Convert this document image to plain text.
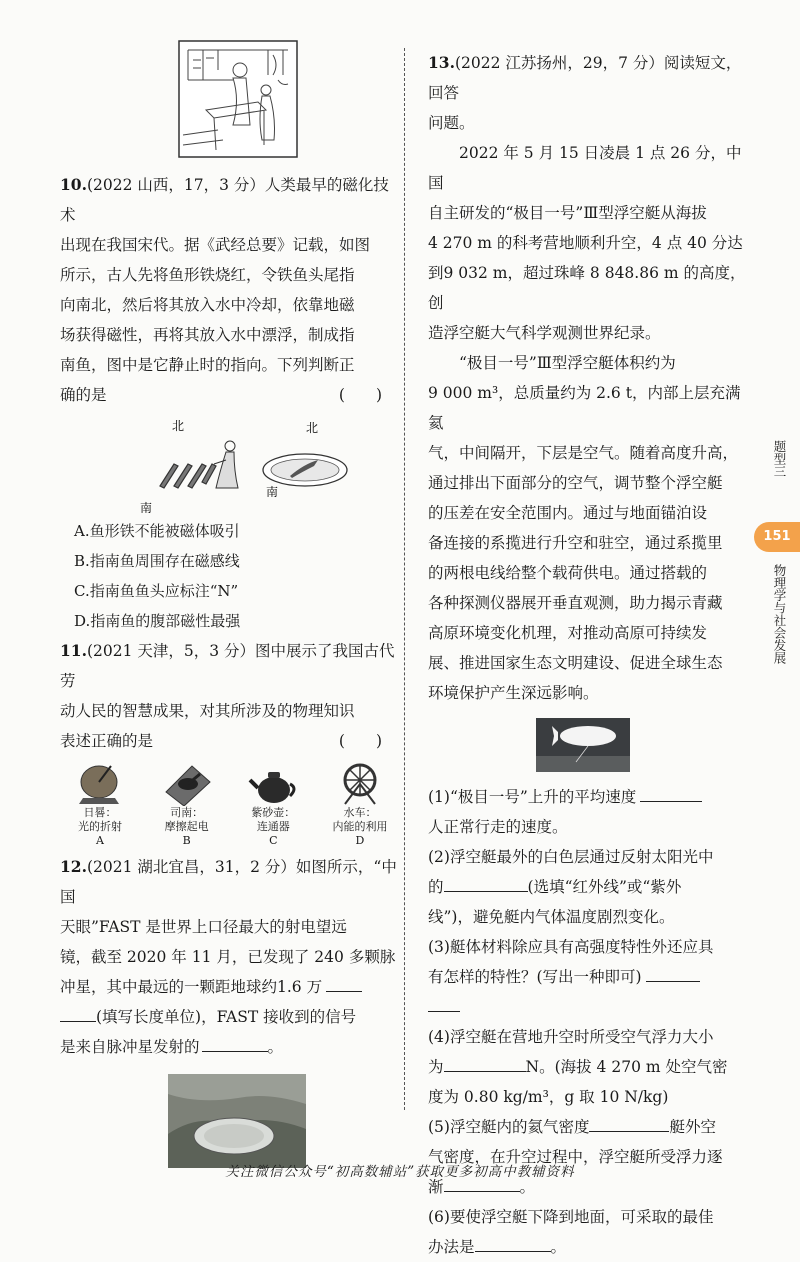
10.(2022 山西，17，3 分）人类最早的磁化技术

出现在我国宋代。据《武经总要》记载，如图

所示，古人先将鱼形铁烧红，令铁鱼头尾指

向南北，然后将其放入水中冷却，依靠地磁

场获得磁性，再将其放入水中漂浮，制成指

南鱼，图中是它静止时的指向。下列判断正

确的是	(　　)

北
南
北
南

A.鱼形铁不能被磁体吸引

B.指南鱼周围存在磁感线

C.指南鱼鱼头应标注“N”

D.指南鱼的腹部磁性最强

11.(2021 天津，5，3 分）图中展示了我国古代劳

动人民的智慧成果，对其所涉及的物理知识

表述正确的是	(　　)

日晷：
光的折射
A
司南：
摩擦起电
B
紫砂壶：
连通器
C
水车：
内能的利用
D

12.(2021 湖北宜昌，31，2 分）如图所示，“中国

天眼”FAST 是世界上口径最大的射电望远

镜，截至 2020 年 11 月，已发现了 240 多颗脉

冲星，其中最远的一颗距地球约1.6 万

(填写长度单位)，FAST 接收到的信号

是来自脉冲星发射的	。

13.(2022 江苏扬州，29，7 分）阅读短文，回答

问题。

2022 年 5 月 15 日凌晨 1 点 26 分，中国

自主研发的“极目一号”Ⅲ型浮空艇从海拔

4 270 m 的科考营地顺利升空，4 点 40 分达

到9 032 m，超过珠峰 8 848.86 m 的高度，创

造浮空艇大气科学观测世界纪录。

“极目一号”Ⅲ型浮空艇体积约为

9 000 m³，总质量约为 2.6 t，内部上层充满氦

气，中间隔开，下层是空气。随着高度升高，

通过排出下面部分的空气，调节整个浮空艇

的压差在安全范围内。通过与地面锚泊设

备连接的系揽进行升空和驻空，通过系揽里

的两根电线给整个载荷供电。通过搭载的

各种探测仪器展开垂直观测，助力揭示青藏

高原环境变化机理，对推动高原可持续发

展、推进国家生态文明建设、促进全球生态

环境保护产生深远影响。

(1)“极目一号”上升的平均速度

人正常行走的速度。

(2)浮空艇最外的白色层通过反射太阳光中

的	(选填“红外线”或“紫外

线”)，避免艇内气体温度剧烈变化。

(3)艇体材料除应具有高强度特性外还应具

有怎样的特性？(写出一种即可)

(4)浮空艇在营地升空时所受空气浮力大小

为	N。(海拔 4 270 m 处空气密

度为 0.80 kg/m³，g 取 10 N/kg)

(5)浮空艇内的氦气密度	艇外空

气密度，在升空过程中，浮空艇所受浮力逐

渐	。

(6)要使浮空艇下降到地面，可采取的最佳

办法是	。

题型三
151
物理学与社会发展
关注微信公众号“初高数辅站”获取更多初高中教辅资料
